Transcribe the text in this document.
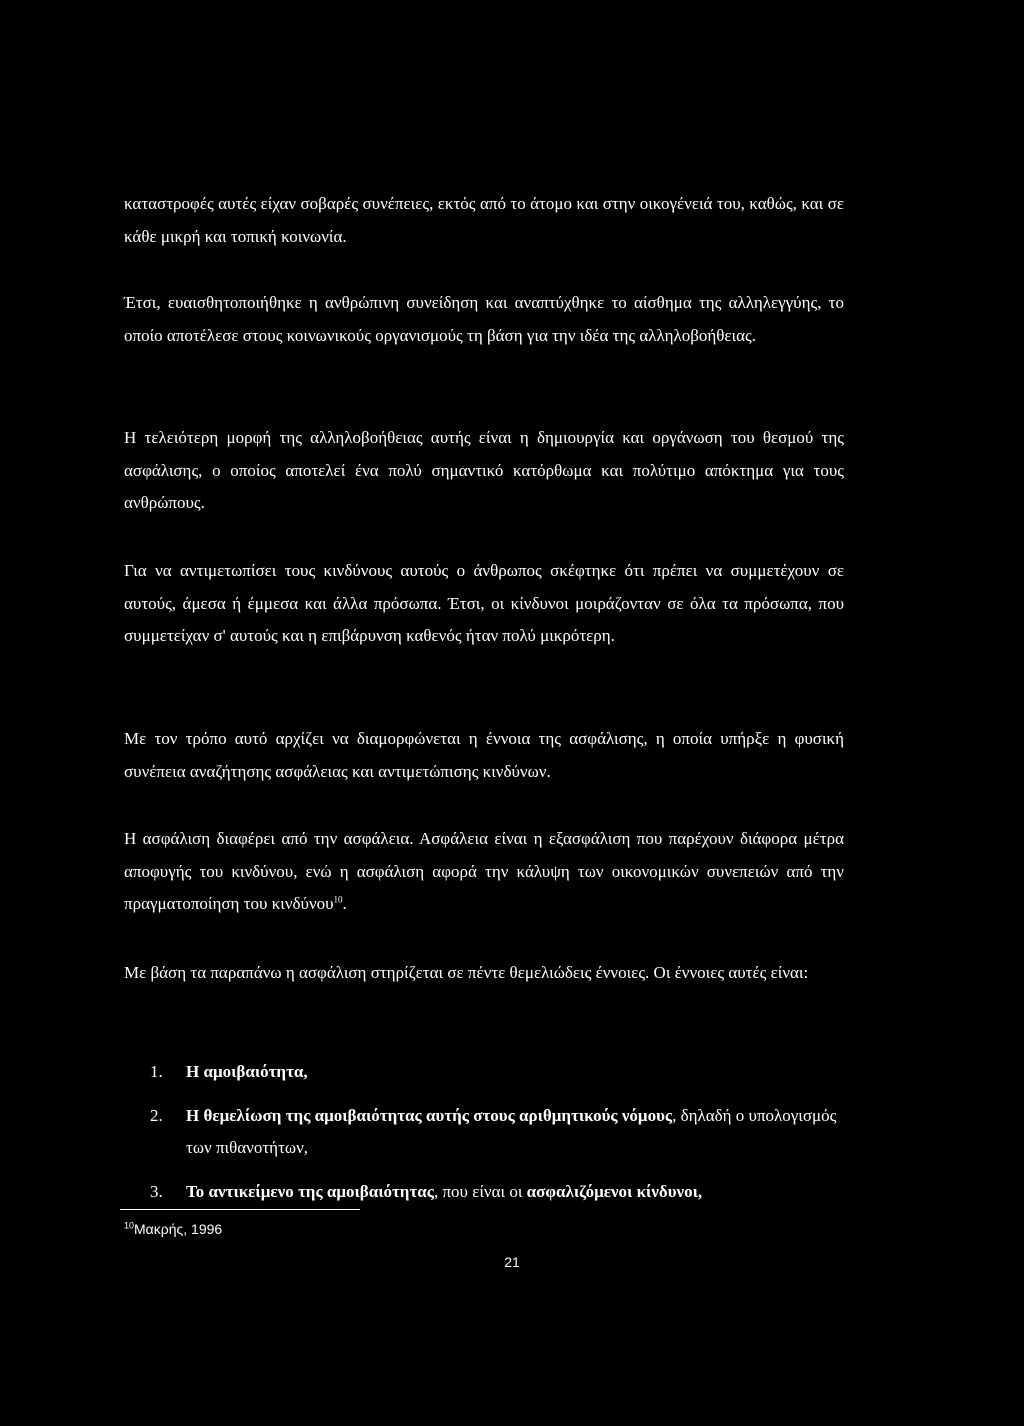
καταστροφές αυτές είχαν σοβαρές συνέπειες, εκτός από το άτομο και στην οικογένειά του, καθώς, και σε κάθε μικρή και τοπική κοινωνία.

Έτσι, ευαισθητοποιήθηκε η ανθρώπινη συνείδηση και αναπτύχθηκε το αίσθημα της αλληλεγγύης, το οποίο αποτέλεσε στους κοινωνικούς οργανισμούς τη βάση για την ιδέα της αλληλοβοήθειας.

Η τελειότερη μορφή της αλληλοβοήθειας αυτής είναι η δημιουργία και οργάνωση του θεσμού της ασφάλισης, ο οποίος αποτελεί ένα πολύ σημαντικό κατόρθωμα και πολύτιμο απόκτημα για τους ανθρώπους.

Για να αντιμετωπίσει τους κινδύνους αυτούς ο άνθρωπος σκέφτηκε ότι πρέπει να συμμετέχουν σε αυτούς, άμεσα ή έμμεσα και άλλα πρόσωπα. Έτσι, οι κίνδυνοι μοιράζονταν σε όλα τα πρόσωπα, που συμμετείχαν σ' αυτούς και η επιβάρυνση καθενός ήταν πολύ μικρότερη.

Με τον τρόπο αυτό αρχίζει να διαμορφώνεται η έννοια της ασφάλισης, η οποία υπήρξε η φυσική συνέπεια αναζήτησης ασφάλειας και αντιμετώπισης κινδύνων.

Η ασφάλιση διαφέρει από την ασφάλεια. Ασφάλεια είναι η εξασφάλιση που παρέχουν διάφορα μέτρα αποφυγής του κινδύνου, ενώ η ασφάλιση αφορά την κάλυψη των οικονομικών συνεπειών από την πραγματοποίηση του κινδύνου$^{10}$.

Με βάση τα παραπάνω η ασφάλιση στηρίζεται σε πέντε θεμελιώδεις έννοιες. Οι έννοιες αυτές είναι:

1. Η αμοιβαιότητα,
2. Η θεμελίωση της αμοιβαιότητας αυτής στους αριθμητικούς νόμους, δηλαδή ο υπολογισμός των πιθανοτήτων,
3. Το αντικείμενο της αμοιβαιότητας, που είναι οι ασφαλιζόμενοι κίνδυνοι,
$^{10}$Μακρής, 1996
21
